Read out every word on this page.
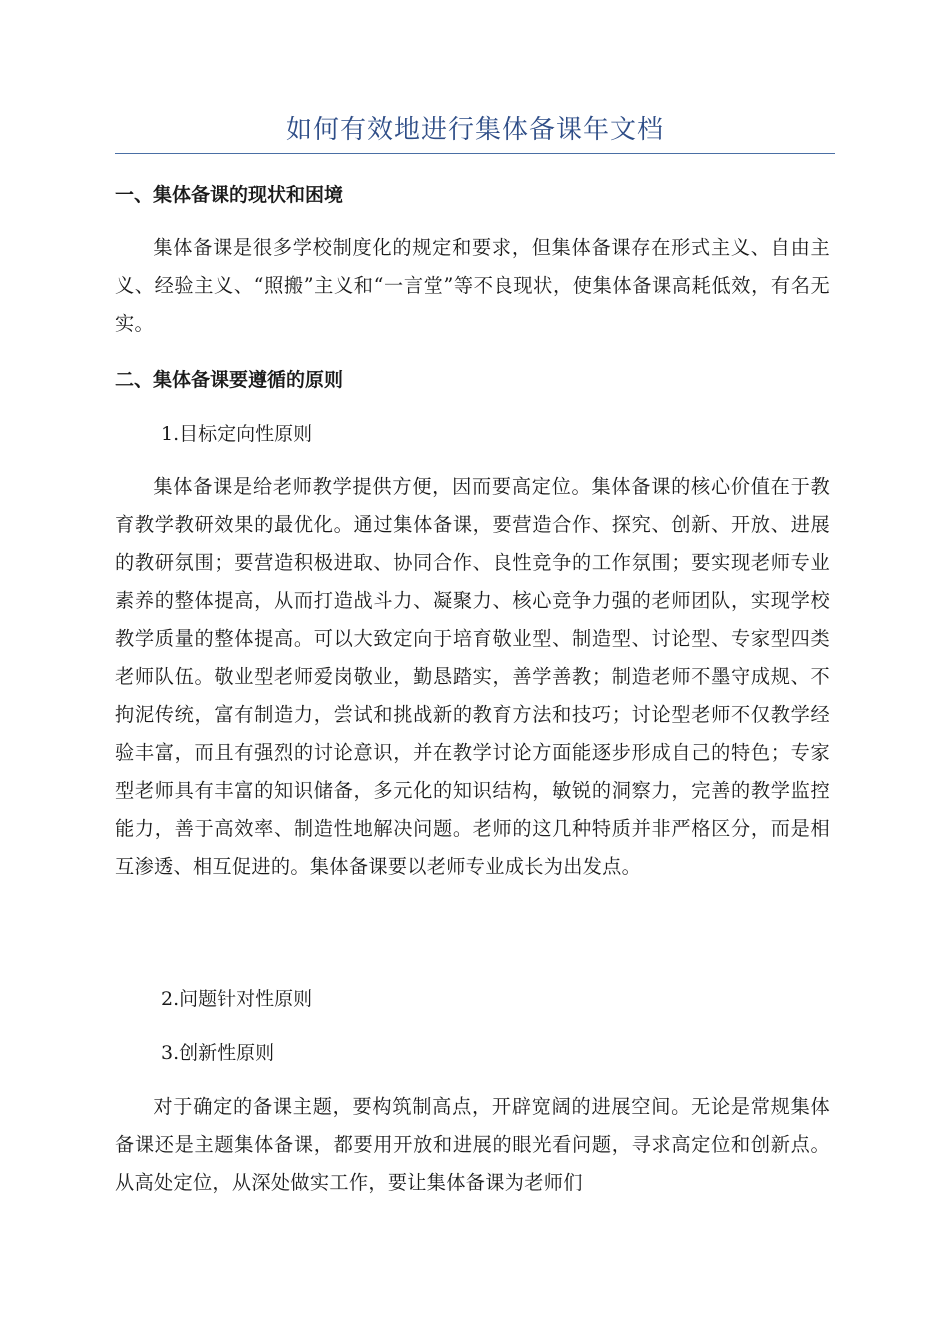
如何有效地进行集体备课年文档
一、集体备课的现状和困境

集体备课是很多学校制度化的规定和要求，但集体备课存在形式主义、自由主义、经验主义、“照搬”主义和“一言堂”等不良现状，使集体备课高耗低效，有名无实。

二、集体备课要遵循的原则

1.目标定向性原则

集体备课是给老师教学提供方便，因而要高定位。集体备课的核心价值在于教育教学教研效果的最优化。通过集体备课，要营造合作、探究、创新、开放、进展的教研氛围；要营造积极进取、协同合作、良性竞争的工作氛围；要实现老师专业素养的整体提高，从而打造战斗力、凝聚力、核心竞争力强的老师团队，实现学校教学质量的整体提高。可以大致定向于培育敬业型、制造型、讨论型、专家型四类老师队伍。敬业型老师爱岗敬业，勤恳踏实，善学善教；制造老师不墨守成规、不拘泥传统，富有制造力，尝试和挑战新的教育方法和技巧；讨论型老师不仅教学经验丰富，而且有强烈的讨论意识，并在教学讨论方面能逐步形成自己的特色；专家型老师具有丰富的知识储备，多元化的知识结构，敏锐的洞察力，完善的教学监控能力，善于高效率、制造性地解决问题。老师的这几种特质并非严格区分，而是相互渗透、相互促进的。集体备课要以老师专业成长为出发点。

2.问题针对性原则

3.创新性原则

对于确定的备课主题，要构筑制高点，开辟宽阔的进展空间。无论是常规集体备课还是主题集体备课，都要用开放和进展的眼光看问题，寻求高定位和创新点。从高处定位，从深处做实工作，要让集体备课为老师们
